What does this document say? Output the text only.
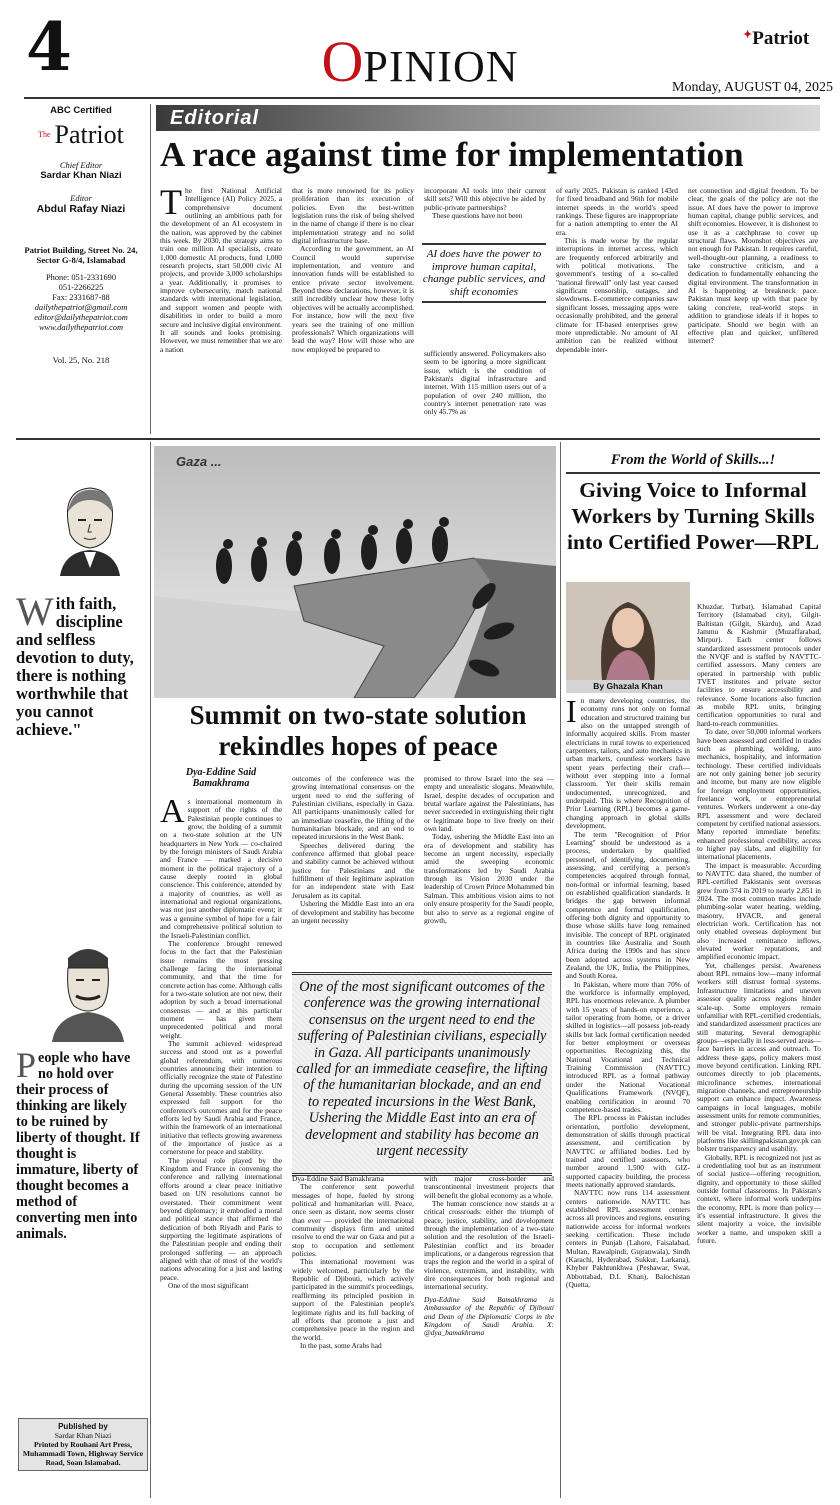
4	OPINION
✦Patriot
Monday, AUGUST 04, 2025
ABC Certified
$^{The}$ Patriot
Chief Editor
Sardar Khan Niazi
Editor
Abdul Rafay Niazi
Patriot Building, Street No. 24,
Sector G-8/4, Islamabad
Phone: 051-2331690
051-2266225
Fax: 2331687-88
dailythepatriot@gmail.com
editor@dailythepatriot.com
www.dailythepatriot.com
Vol. 25, No. 218
Editorial
A race against time for implementation
T he first National Artificial Intelligence (AI) Policy 2025, a comprehensive document outlining an ambitious path for the development of an AI ecosystem in the nation, was approved by the cabinet this week. By 2030, the strategy aims to train one million AI specialists, create 1,000 domestic AI products, fund 1,000 research projects, start 50,000 civic AI projects, and provide 3,000 scholarships a year. Additionally, it promises to improve cybersecurity, match national standards with international legislation, and support women and people with disabilities in order to build a more secure and inclusive digital environment. It all sounds and looks promising. However, we must remember that we are a nation

that is more renowned for its policy proliferation than its execution of policies. Even the best-written legislation runs the risk of being shelved in the name of change if there is no clear implementation strategy and no solid digital infrastructure base.

According to the government, an AI Council would supervise implementation, and venture and innovation funds will be established to entice private sector involvement. Beyond these declarations, however, it is still incredibly unclear how these lofty objectives will be actually accomplished. For instance, how will the next five years see the training of one million professionals? Which organizations will lead the way? How will those who are now employed be prepared to

incorporate AI tools into their current skill sets? Will this objective be aided by public-private partnerships?

These questions have not been

AI does have the power to improve human capital, change public services, and shift economies

sufficiently answered. Policymakers also seem to be ignoring a more significant issue, which is the condition of Pakistan's digital infrastructure and internet. With 115 million users out of a population of over 240 million, the country's internet penetration rate was only 45.7% as

of early 2025. Pakistan is ranked 143rd for fixed broadband and 96th for mobile internet speeds in the world's speed rankings. These figures are inappropriate for a nation attempting to enter the AI era.

This is made worse by the regular interruptions in internet access, which are frequently enforced arbitrarily and with political motivations. The government's testing of a so-called "national firewall" only last year caused significant censorship, outages, and slowdowns. E-commerce companies saw significant losses, messaging apps were occasionally prohibited, and the general climate for IT-based enterprises grew more unpredictable. No amount of AI ambition can be realized without dependable inter-

net connection and digital freedom. To be clear, the goals of the policy are not the issue. AI does have the power to improve human capital, change public services, and shift economies. However, it is dishonest to use it as a catchphrase to cover up structural flaws. Moonshot objectives are not enough for Pakistan. It requires careful, well-thought-out planning, a readiness to take constructive criticism, and a dedication to fundamentally enhancing the digital environment. The transformation in AI is happening at breakneck pace. Pakistan must keep up with that pace by taking concrete, real-world steps in addition to grandiose ideals if it hopes to participate. Should we begin with an effective plan and quicker, unfiltered internet?

With faith, discipline and selfless devotion to duty, there is nothing worthwhile that you cannot achieve."
People who have no hold over their process of thinking are likely to be ruined by liberty of thought. If thought is immature, liberty of thought becomes a method of converting men into animals.
Published by
Sardar Khan Niazi
Printed by Rouhani Art Press, Muhammadi Town, Highway Service Road, Soan Islamabad.
Gaza ...
Summit on two-state solution rekindles hopes of peace
Dya-Eddine Said Bamakhrama
A s international momentum in support of the rights of the Palestinian people continues to grow, the holding of a summit on a two-state solution at the UN headquarters in New York — co-chaired by the foreign ministers of Saudi Arabia and France — marked a decisive moment in the political trajectory of a cause deeply rooted in global conscience. This conference, attended by a majority of countries, as well as international and regional organizations, was not just another diplomatic event; it was a genuine symbol of hope for a fair and comprehensive political solution to the Israeli-Palestinian conflict.

The conference brought renewed focus to the fact that the Palestinian issue remains the most pressing challenge facing the international community, and that the time for concrete action has come. Although calls for a two-state solution are not new, their adoption by such a broad international consensus — and at this particular moment — has given them unprecedented political and moral weight.

The summit achieved widespread success and stood out as a powerful global referendum, with numerous countries announcing their intention to officially recognize the state of Palestine during the upcoming session of the UN General Assembly. These countries also expressed full support for the conference's outcomes and for the peace efforts led by Saudi Arabia and France, within the framework of an international initiative that reflects growing awareness of the importance of justice as a cornerstone for peace and stability.

The pivotal role played by the Kingdom and France in convening the conference and rallying international efforts around a clear peace initiative based on UN resolutions cannot be overstated. Their commitment went beyond diplomacy; it embodied a moral and political stance that affirmed the dedication of both Riyadh and Paris to supporting the legitimate aspirations of the Palestinian people and ending their prolonged suffering — an approach aligned with that of most of the world's nations advocating for a just and lasting peace.

One of the most significant

outcomes of the conference was the growing international consensus on the urgent need to end the suffering of Palestinian civilians, especially in Gaza. All participants unanimously called for an immediate ceasefire, the lifting of the humanitarian blockade, and an end to repeated incursions in the West Bank.

Speeches delivered during the conference affirmed that global peace and stability cannot be achieved without justice for Palestinians and the fulfillment of their legitimate aspiration for an independent state with East Jerusalem as its capital.

Ushering the Middle East into an era of development and stability has become an urgent necessity

promised to throw Israel into the sea — empty and unrealistic slogans. Meanwhile, Israel, despite decades of occupation and brutal warfare against the Palestinians, has never succeeded in extinguishing their right or legitimate hope to live freely on their own land.

Today, ushering the Middle East into an era of development and stability has become an urgent necessity, especially amid the sweeping economic transformations led by Saudi Arabia through its Vision 2030 under the leadership of Crown Prince Mohammed bin Salman. This ambitious vision aims to not only ensure prosperity for the Saudi people, but also to serve as a regional engine of growth,

One of the most significant outcomes of the conference was the growing international consensus on the urgent need to end the suffering of Palestinian civilians, especially in Gaza. All participants unanimously called for an immediate ceasefire, the lifting of the humanitarian blockade, and an end to repeated incursions in the West Bank, Ushering the Middle East into an era of development and stability has become an urgent necessity

Dya-Eddine Said Bamakhrama

The conference sent powerful messages of hope, fueled by strong political and humanitarian will. Peace, once seen as distant, now seems closer than ever — provided the international community displays firm and united resolve to end the war on Gaza and put a stop to occupation and settlement policies.

This international movement was widely welcomed, particularly by the Republic of Djibouti, which actively participated in the summit's proceedings, reaffirming its principled position in support of the Palestinian people's legitimate rights and its full backing of all efforts that promote a just and comprehensive peace in the region and the world.

In the past, some Arabs had

with major cross-border and transcontinental investment projects that will benefit the global economy as a whole.

The human conscience now stands at a critical crossroads: either the triumph of peace, justice, stability, and development through the implementation of a two-state solution and the resolution of the Israeli-Palestinian conflict and its broader implications, or a dangerous regression that traps the region and the world in a spiral of violence, extremism, and instability, with dire consequences for both regional and international security.

Dya-Eddine Said Bamakhrama is Ambassador of the Republic of Djibouti and Dean of the Diplomatic Corps in the Kingdom of Saudi Arabia. X: @dya_bamakhrama

From the World of Skills...!
Giving Voice to Informal Workers by Turning Skills into Certified Power—RPL
By Ghazala Khan
I n many developing countries, the economy runs not only on formal education and structured training but also on the untapped strength of informally acquired skills. From master electricians in rural towns to experienced carpenters, tailors, and auto mechanics in urban markets, countless workers have spent years perfecting their craft—without ever stepping into a formal classroom. Yet their skills remain undocumented, unrecognized, and underpaid. This is where Recognition of Prior Learning (RPL) becomes a game-changing approach in global skills development.

The term "Recognition of Prior Learning" should be understood as a process, undertaken by qualified personnel, of identifying, documenting, assessing, and certifying a person's competencies acquired through formal, non-formal or informal learning, based on established qualification standards. It bridges the gap between informal competence and formal qualification, offering both dignity and opportunity to those whose skills have long remained invisible. The concept of RPL originated in countries like Australia and South Africa during the 1990s and has since been adopted across systems in New Zealand, the UK, India, the Philippines, and South Korea.

In Pakistan, where more than 70% of the workforce is informally employed, RPL has enormous relevance. A plumber with 15 years of hands-on experience, a tailor operating from home, or a driver skilled in logistics—all possess job-ready skills but lack formal certification needed for better employment or overseas opportunities. Recognizing this, the National Vocational and Technical Training Commission (NAVTTC) introduced RPL as a formal pathway under the National Vocational Qualifications Framework (NVQF), enabling certification in around 70 competence-based trades.

The RPL process in Pakistan includes orientation, portfolio development, demonstration of skills through practical assessment, and certification by NAVTTC or affiliated bodies. Led by trained and certified assessors, who number around 1,500 with GIZ-supported capacity building, the process meets nationally approved standards.

NAVTTC now runs 114 assessment centers nationwide. NAVTTC has established RPL assessment centers across all provinces and regions, ensuring nationwide access for informal workers seeking certification. These include centers in Punjab (Lahore, Faisalabad, Multan, Rawalpindi, Gujranwala), Sindh (Karachi, Hyderabad, Sukkur, Larkana), Khyber Pakhtunkhwa (Peshawar, Swat, Abbottabad, D.I. Khan), Balochistan (Quetta,

Khuzdar, Turbat), Islamabad Capital Territory (Islamabad city), Gilgit-Baltistan (Gilgit, Skardu), and Azad Jammu & Kashmir (Muzaffarabad, Mirpur). Each center follows standardized assessment protocols under the NVQF and is staffed by NAVTTC-certified assessors. Many centers are operated in partnership with public TVET institutes and private sector facilities to ensure accessibility and relevance. Some locations also function as mobile RPL units, bringing certification opportunities to rural and hard-to-reach communities.

To date, over 50,000 informal workers have been assessed and certified in trades such as plumbing, welding, auto mechanics, hospitality, and information technology. These certified individuals are not only gaining better job security and income, but many are now eligible for foreign employment opportunities, freelance work, or entrepreneurial ventures. Workers underwent a one-day RPL assessment and were declared competent by certified national assessors. Many reported immediate benefits: enhanced professional credibility, access to higher pay slabs, and eligibility for international placements.

The impact is measurable. According to NAVTTC data shared, the number of RPL-certified Pakistanis sent overseas grew from 374 in 2019 to nearly 2,851 in 2024. The most common trades include plumbing-solar water heating, welding, masonry, HVACR, and general electrician work. Certification has not only enabled overseas deployment but also increased remittance inflows, elevated worker reputations, and amplified economic impact.

Yet, challenges persist. Awareness about RPL remains low—many informal workers still distrust formal systems. Infrastructure limitations and uneven assessor quality across regions hinder scale-up. Some employers remain unfamiliar with RPL-certified credentials, and standardized assessment practices are still maturing. Several demographic groups—especially in less-served areas—face barriers in access and outreach. To address these gaps, policy makers must move beyond certification. Linking RPL outcomes directly to job placements, microfinance schemes, international migration channels, and entrepreneurship support can enhance impact. Awareness campaigns in local languages, mobile assessment units for remote communities, and stronger public-private partnerships will be vital. Integrating RPL data into platforms like skillingpakistan.gov.pk can bolster transparency and usability.

Globally, RPL is recognized not just as a credentialing tool but as an instrument of social justice—offering recognition, dignity, and opportunity to those skilled outside formal classrooms. In Pakistan's context, where informal work underpins the economy, RPL is more than policy—it's essential infrastructure. It gives the silent majority a voice, the invisible worker a name, and unspoken skill a future.
